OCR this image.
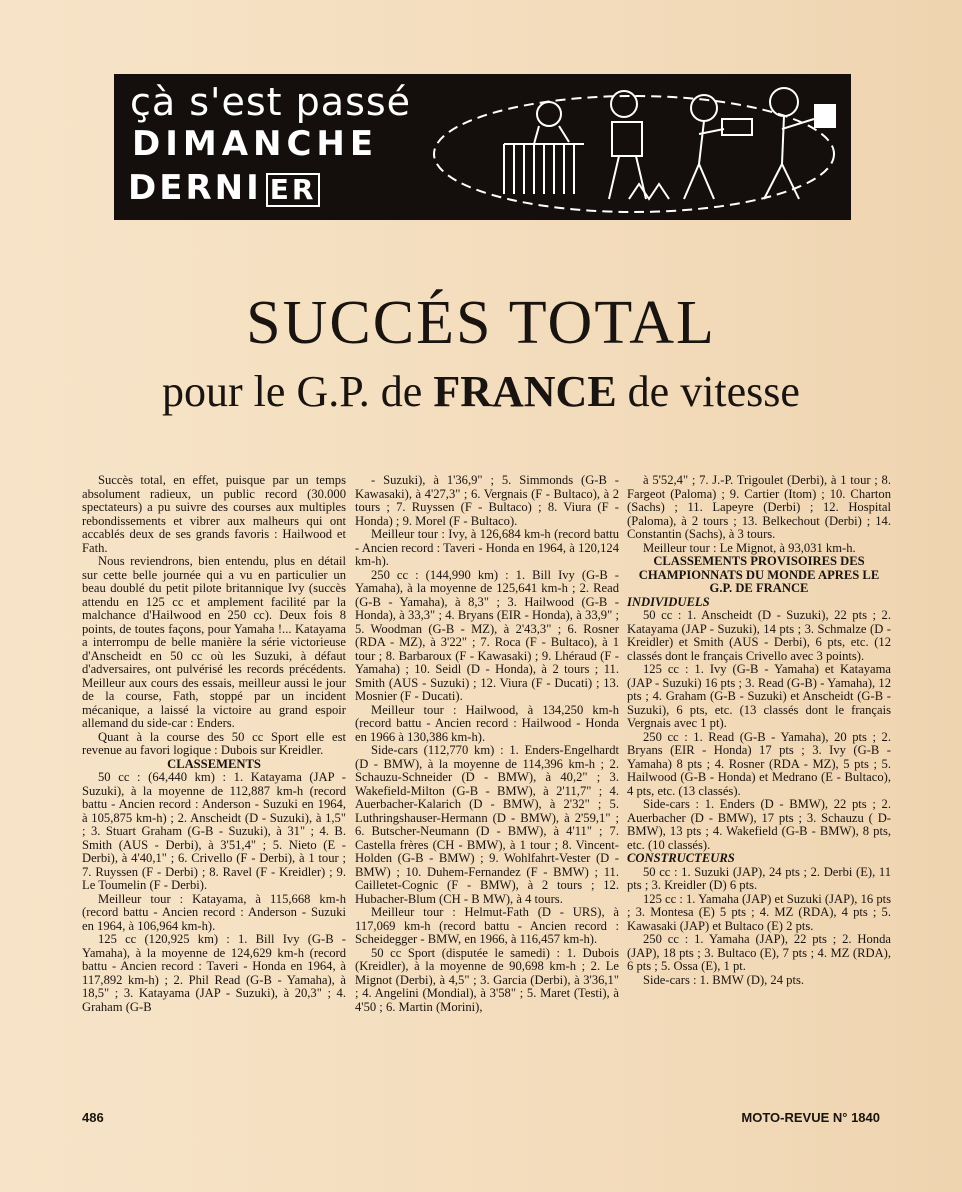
çà s'est passé
DIMANCHE
DERNI ER
SUCCÉS TOTAL
pour le G.P. de FRANCE de vitesse

Succès total, en effet, puisque par un temps absolument radieux, un public record (30.000 spectateurs) a pu suivre des courses aux multiples rebondissements et vibrer aux malheurs qui ont accablés deux de ses grands favoris : Hailwood et Fath.

Nous reviendrons, bien entendu, plus en détail sur cette belle journée qui a vu en particulier un beau doublé du petit pilote britannique Ivy (succès attendu en 125 cc et amplement facilité par la malchance d'Hailwood en 250 cc). Deux fois 8 points, de toutes façons, pour Yamaha !... Katayama a interrompu de belle manière la série victorieuse d'Anscheidt en 50 cc où les Suzuki, à défaut d'adversaires, ont pulvérisé les records précédents. Meilleur aux cours des essais, meilleur aussi le jour de la course, Fath, stoppé par un incident mécanique, a laissé la victoire au grand espoir allemand du side-car : Enders.

Quant à la course des 50 cc Sport elle est revenue au favori logique : Dubois sur Kreidler.

CLASSEMENTS

50 cc : (64,440 km) : 1. Katayama (JAP - Suzuki), à la moyenne de 112,887 km-h (record battu - Ancien record : Anderson - Suzuki en 1964, à 105,875 km-h) ; 2. Anscheidt (D - Suzuki), à 1,5" ; 3. Stuart Graham (G-B - Suzuki), à 31" ; 4. B. Smith (AUS - Derbi), à 3'51,4" ; 5. Nieto (E - Derbi), à 4'40,1" ; 6. Crivello (F - Derbi), à 1 tour ; 7. Ruyssen (F - Derbi) ; 8. Ravel (F - Kreidler) ; 9. Le Toumelin (F - Derbi).

Meilleur tour : Katayama, à 115,668 km-h (record battu - Ancien record : Anderson - Suzuki en 1964, à 106,964 km-h).

125 cc (120,925 km) : 1. Bill Ivy (G-B - Yamaha), à la moyenne de 124,629 km-h (record battu - Ancien record : Taveri - Honda en 1964, à 117,892 km-h) ; 2. Phil Read (G-B - Yamaha), à 18,5" ; 3. Katayama (JAP - Suzuki), à 20,3" ; 4. Graham (G-B

- Suzuki), à 1'36,9" ; 5. Simmonds (G-B - Kawasaki), à 4'27,3" ; 6. Vergnais (F - Bultaco), à 2 tours ; 7. Ruyssen (F - Bultaco) ; 8. Viura (F - Honda) ; 9. Morel (F - Bultaco).

Meilleur tour : Ivy, à 126,684 km-h (record battu - Ancien record : Taveri - Honda en 1964, à 120,124 km-h).

250 cc : (144,990 km) : 1. Bill Ivy (G-B - Yamaha), à la moyenne de 125,641 km-h ; 2. Read (G-B - Yamaha), à 8,3" ; 3. Hailwood (G-B - Honda), à 33,3" ; 4. Bryans (EIR - Honda), à 33,9" ; 5. Woodman (G-B - MZ), à 2'43,3" ; 6. Rosner (RDA - MZ), à 3'22" ; 7. Roca (F - Bultaco), à 1 tour ; 8. Barbaroux (F - Kawasaki) ; 9. Lhéraud (F - Yamaha) ; 10. Seidl (D - Honda), à 2 tours ; 11. Smith (AUS - Suzuki) ; 12. Viura (F - Ducati) ; 13. Mosnier (F - Ducati).

Meilleur tour : Hailwood, à 134,250 km-h (record battu - Ancien record : Hailwood - Honda en 1966 à 130,386 km-h).

Side-cars (112,770 km) : 1. Enders-Engelhardt (D - BMW), à la moyenne de 114,396 km-h ; 2. Schauzu-Schneider (D - BMW), à 40,2" ; 3. Wakefield-Milton (G-B - BMW), à 2'11,7" ; 4. Auerbacher-Kalarich (D - BMW), à 2'32" ; 5. Luthringshauser-Hermann (D - BMW), à 2'59,1" ; 6. Butscher-Neumann (D - BMW), à 4'11" ; 7. Castella frères (CH - BMW), à 1 tour ; 8. Vincent-Holden (G-B - BMW) ; 9. Wohlfahrt-Vester (D - BMW) ; 10. Duhem-Fernandez (F - BMW) ; 11. Cailletet-Cognic (F - BMW), à 2 tours ; 12. Hubacher-Blum (CH - B MW), à 4 tours.

Meilleur tour : Helmut-Fath (D - URS), à 117,069 km-h (record battu - Ancien record : Scheidegger - BMW, en 1966, à 116,457 km-h).

50 cc Sport (disputée le samedi) : 1. Dubois (Kreidler), à la moyenne de 90,698 km-h ; 2. Le Mignot (Derbi), à 4,5" ; 3. Garcia (Derbi), à 3'36,1" ; 4. Angelini (Mondial), à 3'58" ; 5. Maret (Testi), à 4'50 ; 6. Martin (Morini),

à 5'52,4" ; 7. J.-P. Trigoulet (Derbi), à 1 tour ; 8. Fargeot (Paloma) ; 9. Cartier (Itom) ; 10. Charton (Sachs) ; 11. Lapeyre (Derbi) ; 12. Hospital (Paloma), à 2 tours ; 13. Belkechout (Derbi) ; 14. Constantin (Sachs), à 3 tours.

Meilleur tour : Le Mignot, à 93,031 km-h.

CLASSEMENTS PROVISOIRES DES CHAMPIONNATS DU MONDE APRES LE G.P. DE FRANCE

INDIVIDUELS

50 cc : 1. Anscheidt (D - Suzuki), 22 pts ; 2. Katayama (JAP - Suzuki), 14 pts ; 3. Schmalze (D - Kreidler) et Smith (AUS - Derbi), 6 pts, etc. (12 classés dont le français Crivello avec 3 points).

125 cc : 1. Ivy (G-B - Yamaha) et Katayama (JAP - Suzuki) 16 pts ; 3. Read (G-B) - Yamaha), 12 pts ; 4. Graham (G-B - Suzuki) et Anscheidt (G-B - Suzuki), 6 pts, etc. (13 classés dont le français Vergnais avec 1 pt).

250 cc : 1. Read (G-B - Yamaha), 20 pts ; 2. Bryans (EIR - Honda) 17 pts ; 3. Ivy (G-B - Yamaha) 8 pts ; 4. Rosner (RDA - MZ), 5 pts ; 5. Hailwood (G-B - Honda) et Medrano (E - Bultaco), 4 pts, etc. (13 classés).

Side-cars : 1. Enders (D - BMW), 22 pts ; 2. Auerbacher (D - BMW), 17 pts ; 3. Schauzu ( D- BMW), 13 pts ; 4. Wakefield (G-B - BMW), 8 pts, etc. (10 classés).

CONSTRUCTEURS

50 cc : 1. Suzuki (JAP), 24 pts ; 2. Derbi (E), 11 pts ; 3. Kreidler (D) 6 pts.

125 cc : 1. Yamaha (JAP) et Suzuki (JAP), 16 pts ; 3. Montesa (E) 5 pts ; 4. MZ (RDA), 4 pts ; 5. Kawasaki (JAP) et Bultaco (E) 2 pts.

250 cc : 1. Yamaha (JAP), 22 pts ; 2. Honda (JAP), 18 pts ; 3. Bultaco (E), 7 pts ; 4. MZ (RDA), 6 pts ; 5. Ossa (E), 1 pt.

Side-cars : 1. BMW (D), 24 pts.

486	MOTO-REVUE N° 1840
